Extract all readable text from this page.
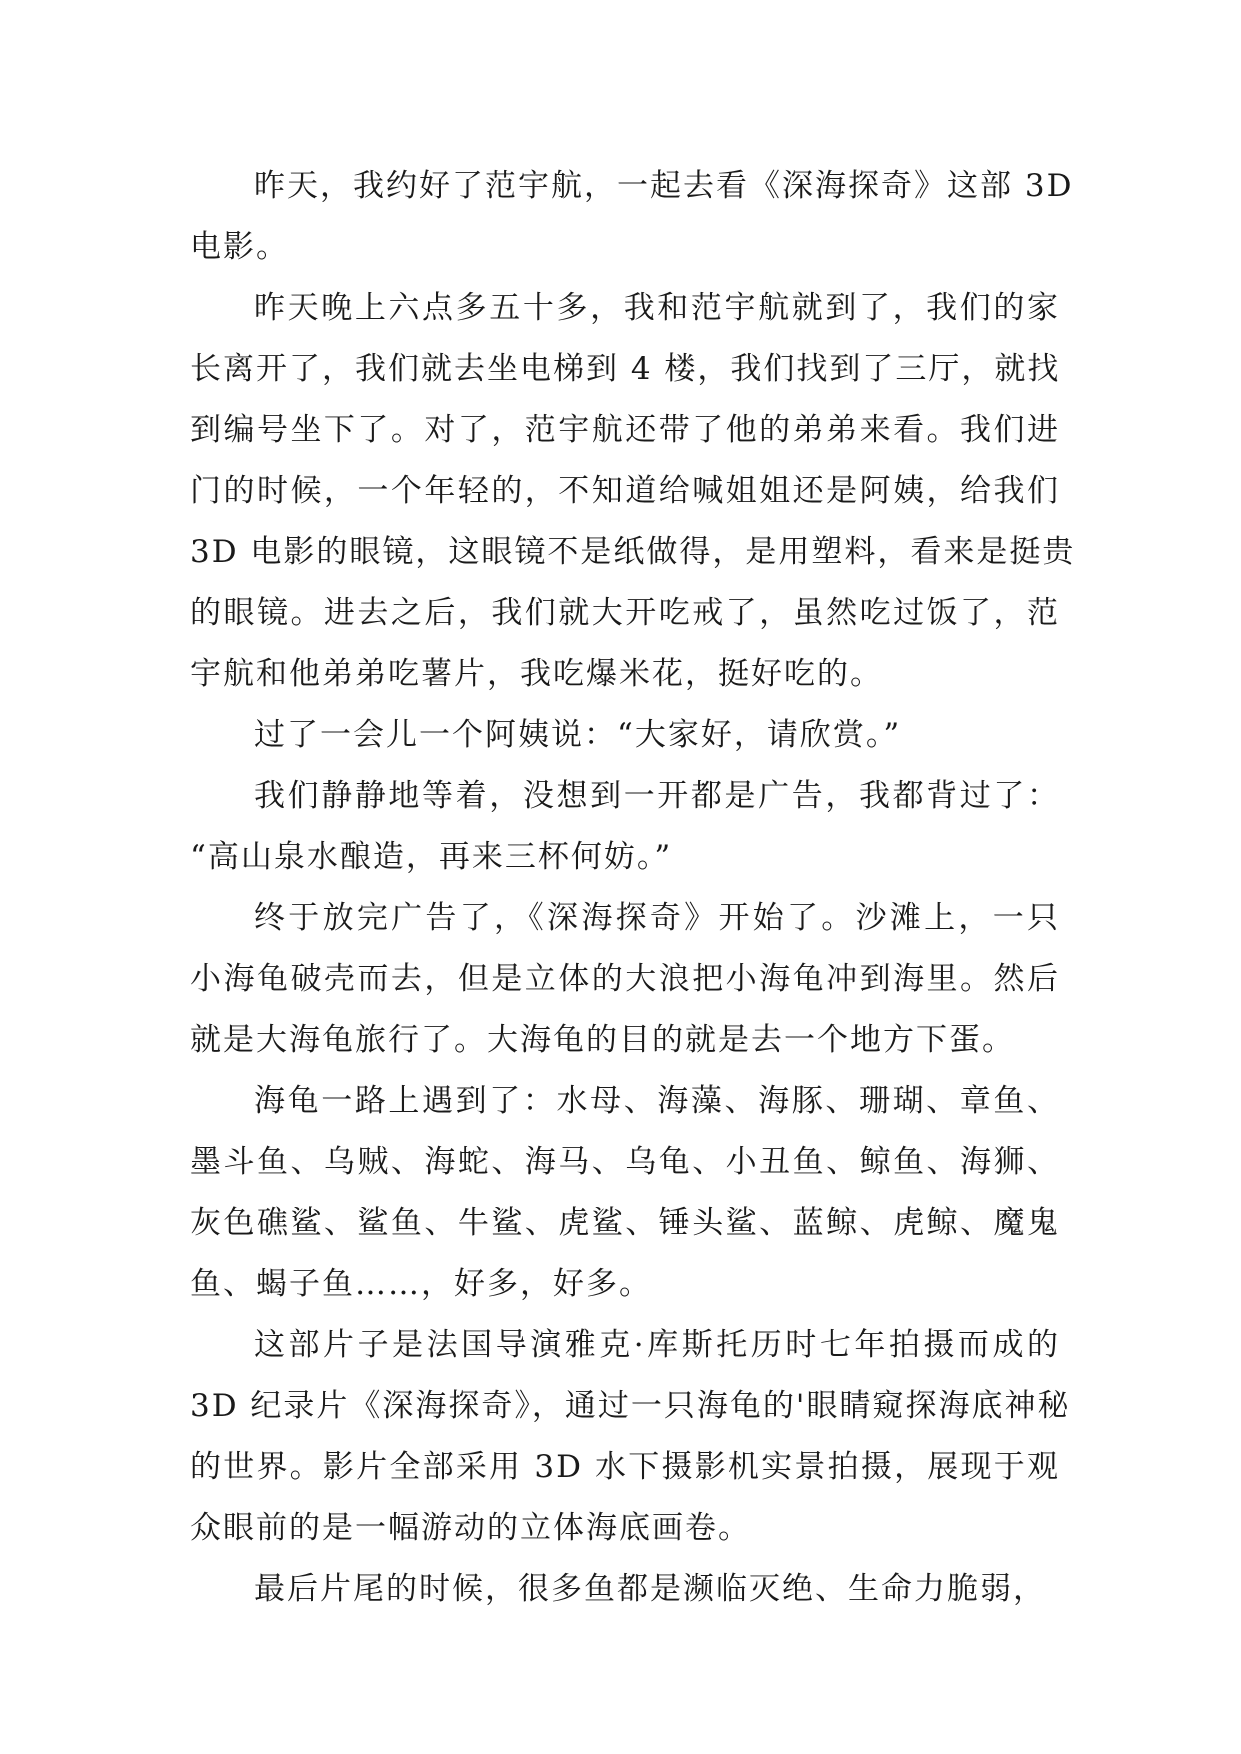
昨天，我约好了范宇航，一起去看《深海探奇》这部 3D
电影。
昨天晚上六点多五十多，我和范宇航就到了，我们的家
长离开了，我们就去坐电梯到 4 楼，我们找到了三厅，就找
到编号坐下了。对了，范宇航还带了他的弟弟来看。我们进
门的时候，一个年轻的，不知道给喊姐姐还是阿姨，给我们
3D 电影的眼镜，这眼镜不是纸做得，是用塑料，看来是挺贵
的眼镜。进去之后，我们就大开吃戒了，虽然吃过饭了，范
宇航和他弟弟吃薯片，我吃爆米花，挺好吃的。
过了一会儿一个阿姨说：“大家好，请欣赏。”
我们静静地等着，没想到一开都是广告，我都背过了：
“高山泉水酿造，再来三杯何妨。”
终于放完广告了，《深海探奇》开始了。沙滩上，一只
小海龟破壳而去，但是立体的大浪把小海龟冲到海里。然后
就是大海龟旅行了。大海龟的目的就是去一个地方下蛋。
海龟一路上遇到了：水母、海藻、海豚、珊瑚、章鱼、
墨斗鱼、乌贼、海蛇、海马、乌龟、小丑鱼、鲸鱼、海狮、
灰色礁鲨、鲨鱼、牛鲨、虎鲨、锤头鲨、蓝鲸、虎鲸、魔鬼
鱼、蝎子鱼……，好多，好多。
这部片子是法国导演雅克·库斯托历时七年拍摄而成的
3D 纪录片《深海探奇》，通过一只海龟的'眼睛窥探海底神秘
的世界。影片全部采用 3D 水下摄影机实景拍摄，展现于观
众眼前的是一幅游动的立体海底画卷。
最后片尾的时候，很多鱼都是濒临灭绝、生命力脆弱，
